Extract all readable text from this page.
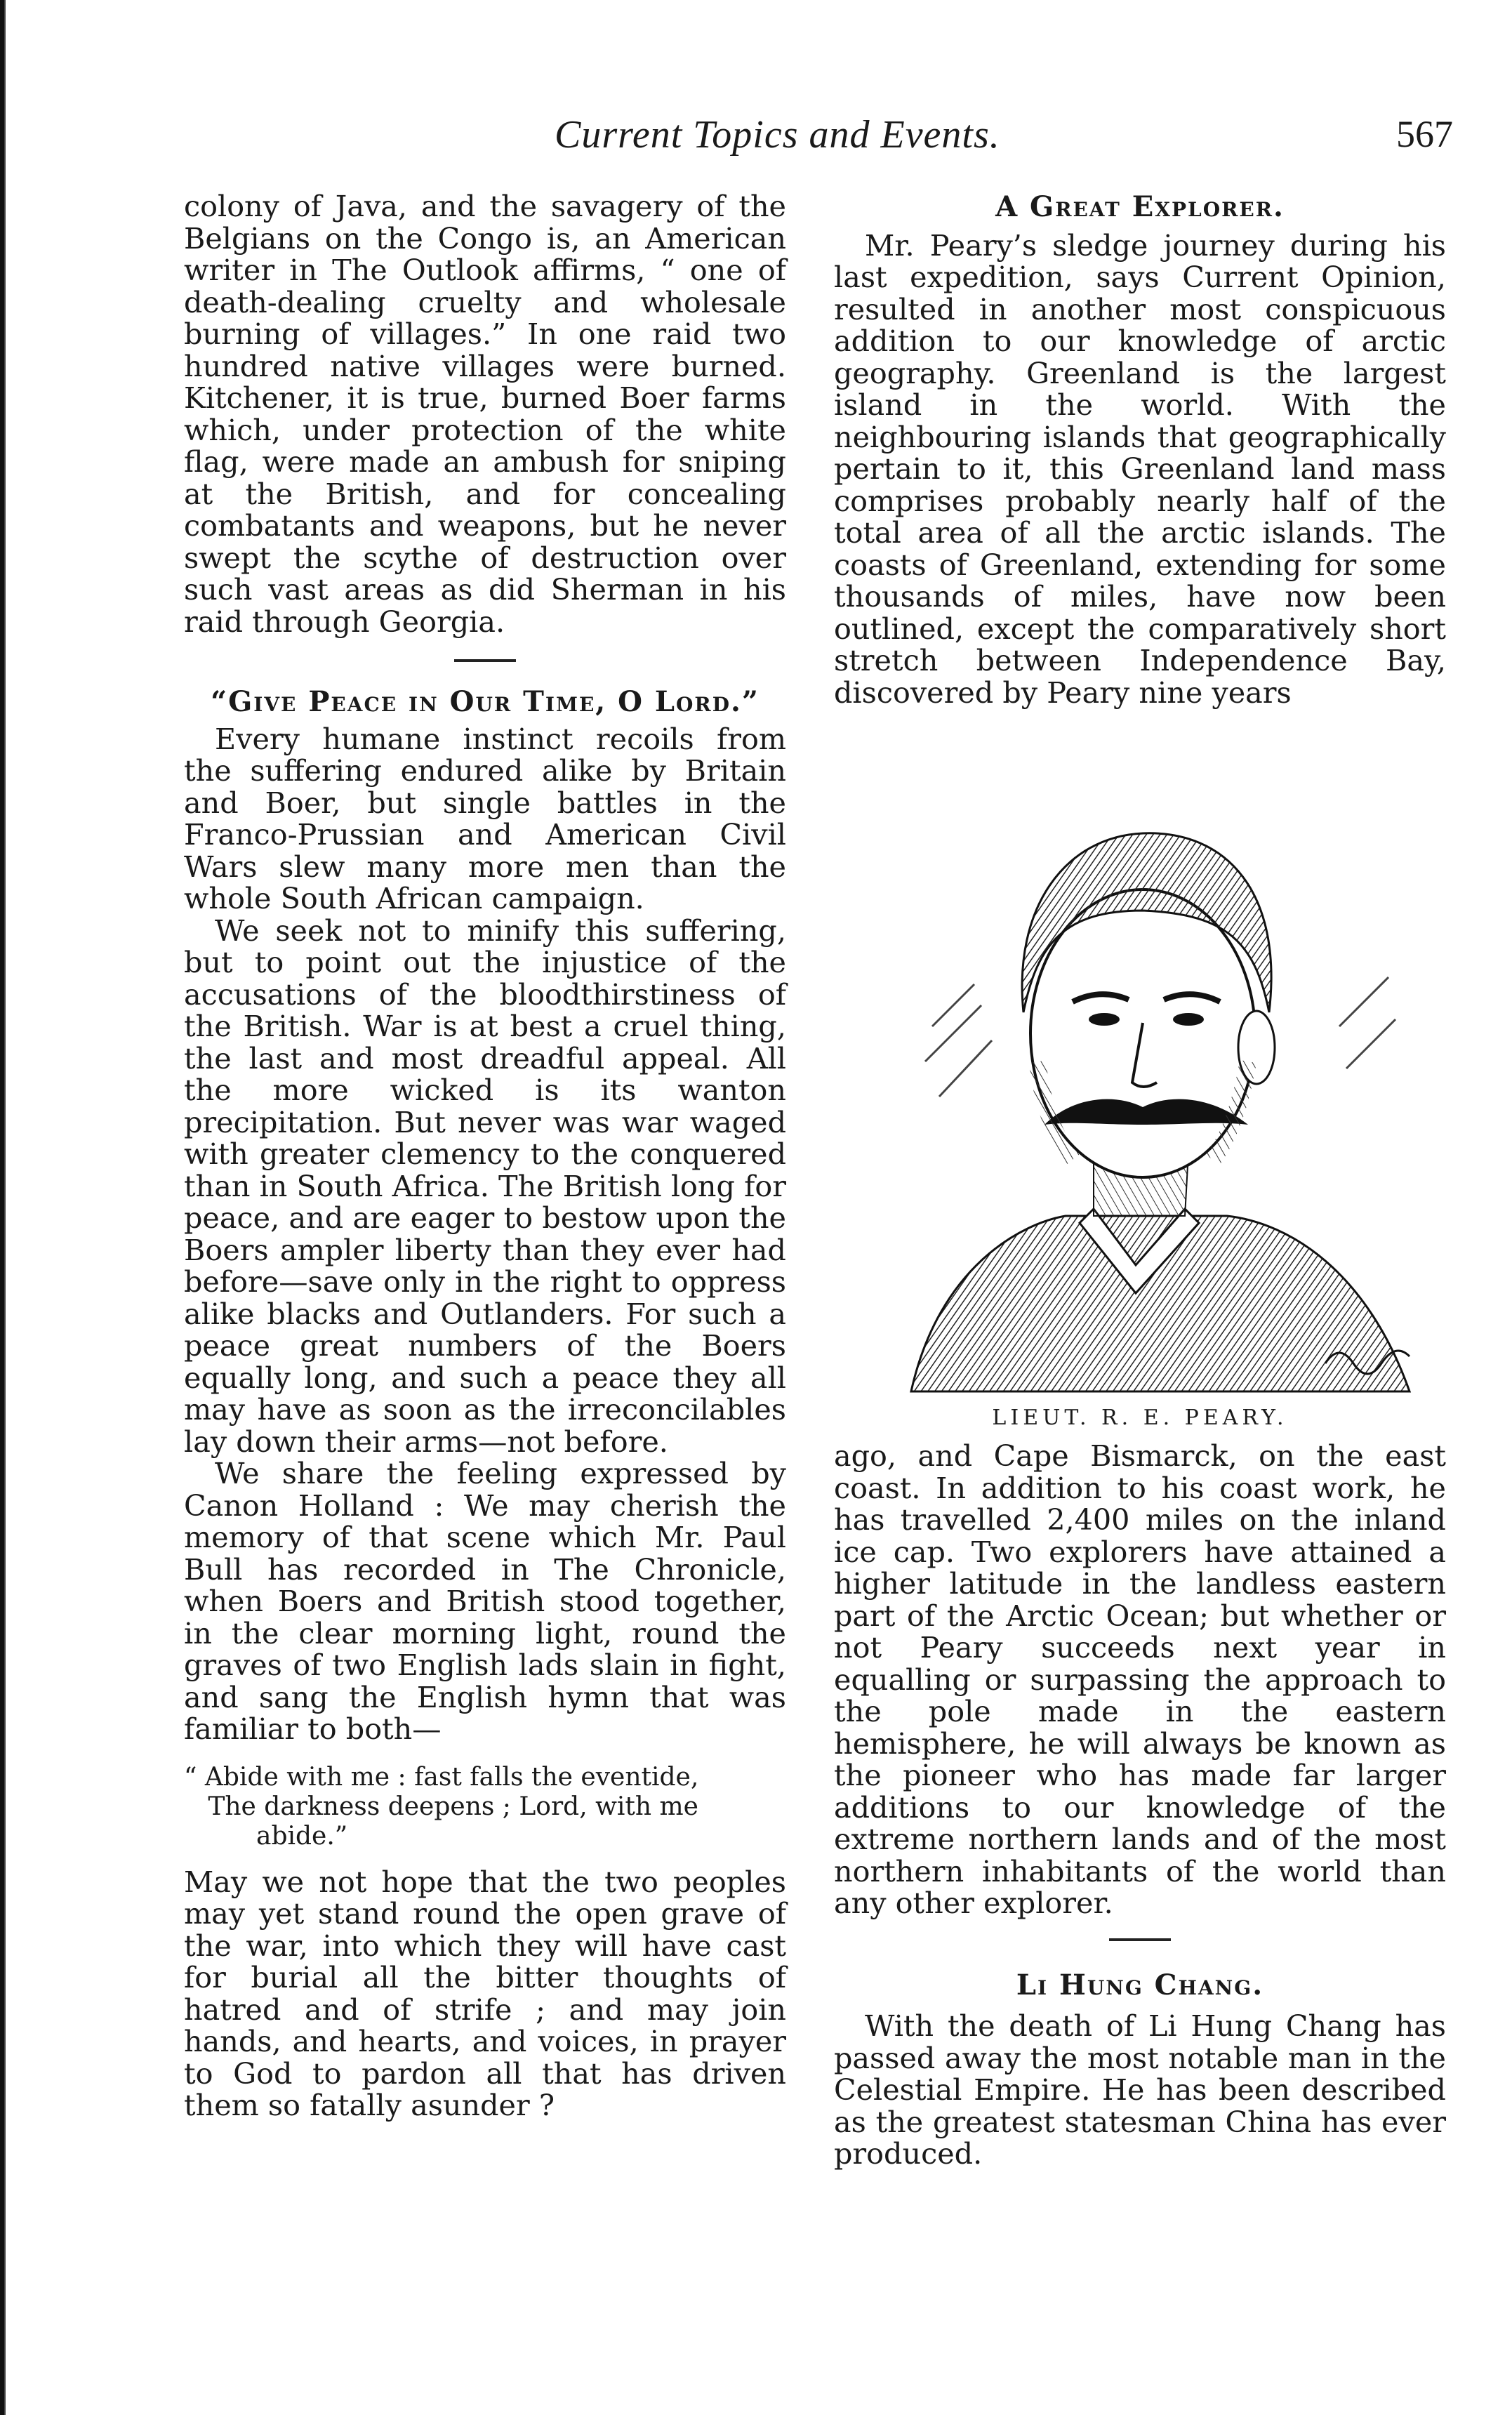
Current Topics and Events.	567

colony of Java, and the savagery of the Belgians on the Congo is, an American writer in The Outlook affirms, “ one of death-dealing cruelty and wholesale burning of villages.” In one raid two hundred native villages were burned. Kitchener, it is true, burned Boer farms which, under protection of the white flag, were made an ambush for sniping at the British, and for concealing combatants and weapons, but he never swept the scythe of destruction over such vast areas as did Sherman in his raid through Georgia.

“Give Peace in Our Time, O Lord.”

Every humane instinct recoils from the suffering endured alike by Britain and Boer, but single battles in the Franco-Prussian and American Civil Wars slew many more men than the whole South African campaign.

We seek not to minify this suffering, but to point out the injustice of the accusations of the bloodthirstiness of the British. War is at best a cruel thing, the last and most dreadful appeal. All the more wicked is its wanton precipitation. But never was war waged with greater clemency to the conquered than in South Africa. The British long for peace, and are eager to bestow upon the Boers ampler liberty than they ever had before—save only in the right to oppress alike blacks and Outlanders. For such a peace great numbers of the Boers equally long, and such a peace they all may have as soon as the irreconcilables lay down their arms—not before.

We share the feeling expressed by Canon Holland : We may cherish the memory of that scene which Mr. Paul Bull has recorded in The Chronicle, when Boers and British stood together, in the clear morning light, round the graves of two English lads slain in fight, and sang the English hymn that was familiar to both—

“ Abide with me : fast falls the eventide,
The darkness deepens ; Lord, with me
abide.”

May we not hope that the two peoples may yet stand round the open grave of the war, into which they will have cast for burial all the bitter thoughts of hatred and of strife ; and may join hands, and hearts, and voices, in prayer to God to pardon all that has driven them so fatally asunder ?

A Great Explorer.

Mr. Peary’s sledge journey during his last expedition, says Current Opinion, resulted in another most conspicuous addition to our knowledge of arctic geography. Greenland is the largest island in the world. With the neighbouring islands that geographically pertain to it, this Greenland land mass comprises probably nearly half of the total area of all the arctic islands. The coasts of Greenland, extending for some thousands of miles, have now been outlined, except the comparatively short stretch between Independence Bay, discovered by Peary nine years

LIEUT. R. E. PEARY.

ago, and Cape Bismarck, on the east coast. In addition to his coast work, he has travelled 2,400 miles on the inland ice cap. Two explorers have attained a higher latitude in the landless eastern part of the Arctic Ocean; but whether or not Peary succeeds next year in equalling or surpassing the approach to the pole made in the eastern hemisphere, he will always be known as the pioneer who has made far larger additions to our knowledge of the extreme northern lands and of the most northern inhabitants of the world than any other explorer.

Li Hung Chang.

With the death of Li Hung Chang has passed away the most notable man in the Celestial Empire. He has been described as the greatest statesman China has ever produced.
